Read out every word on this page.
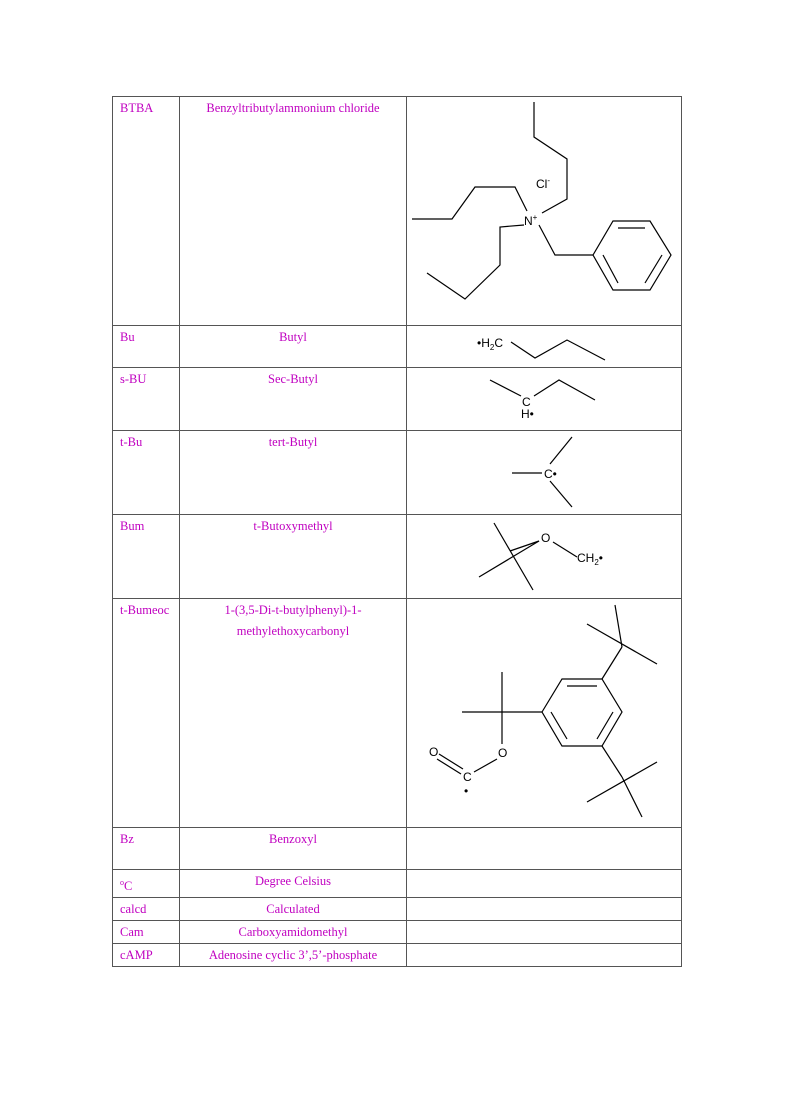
BTBA	Benzyltributylammonium chloride	Cl-
N+

Bu	Butyl	$•H_2C$

s-BU	Sec-Butyl	C
H•

t-Bu	tert-Butyl	C•

Bum	t-Butoxymethyl	O
$CH_2•$

t-Bumeoc	1-(3,5-Di-t-butylphenyl)-1-methylethoxycarbonyl	O
C
•
O

Bz	Benzoxyl	
oC	Degree Celsius	
calcd	Calculated	
Cam	Carboxyamidomethyl	
cAMP	Adenosine cyclic 3’,5’-phosphate	
